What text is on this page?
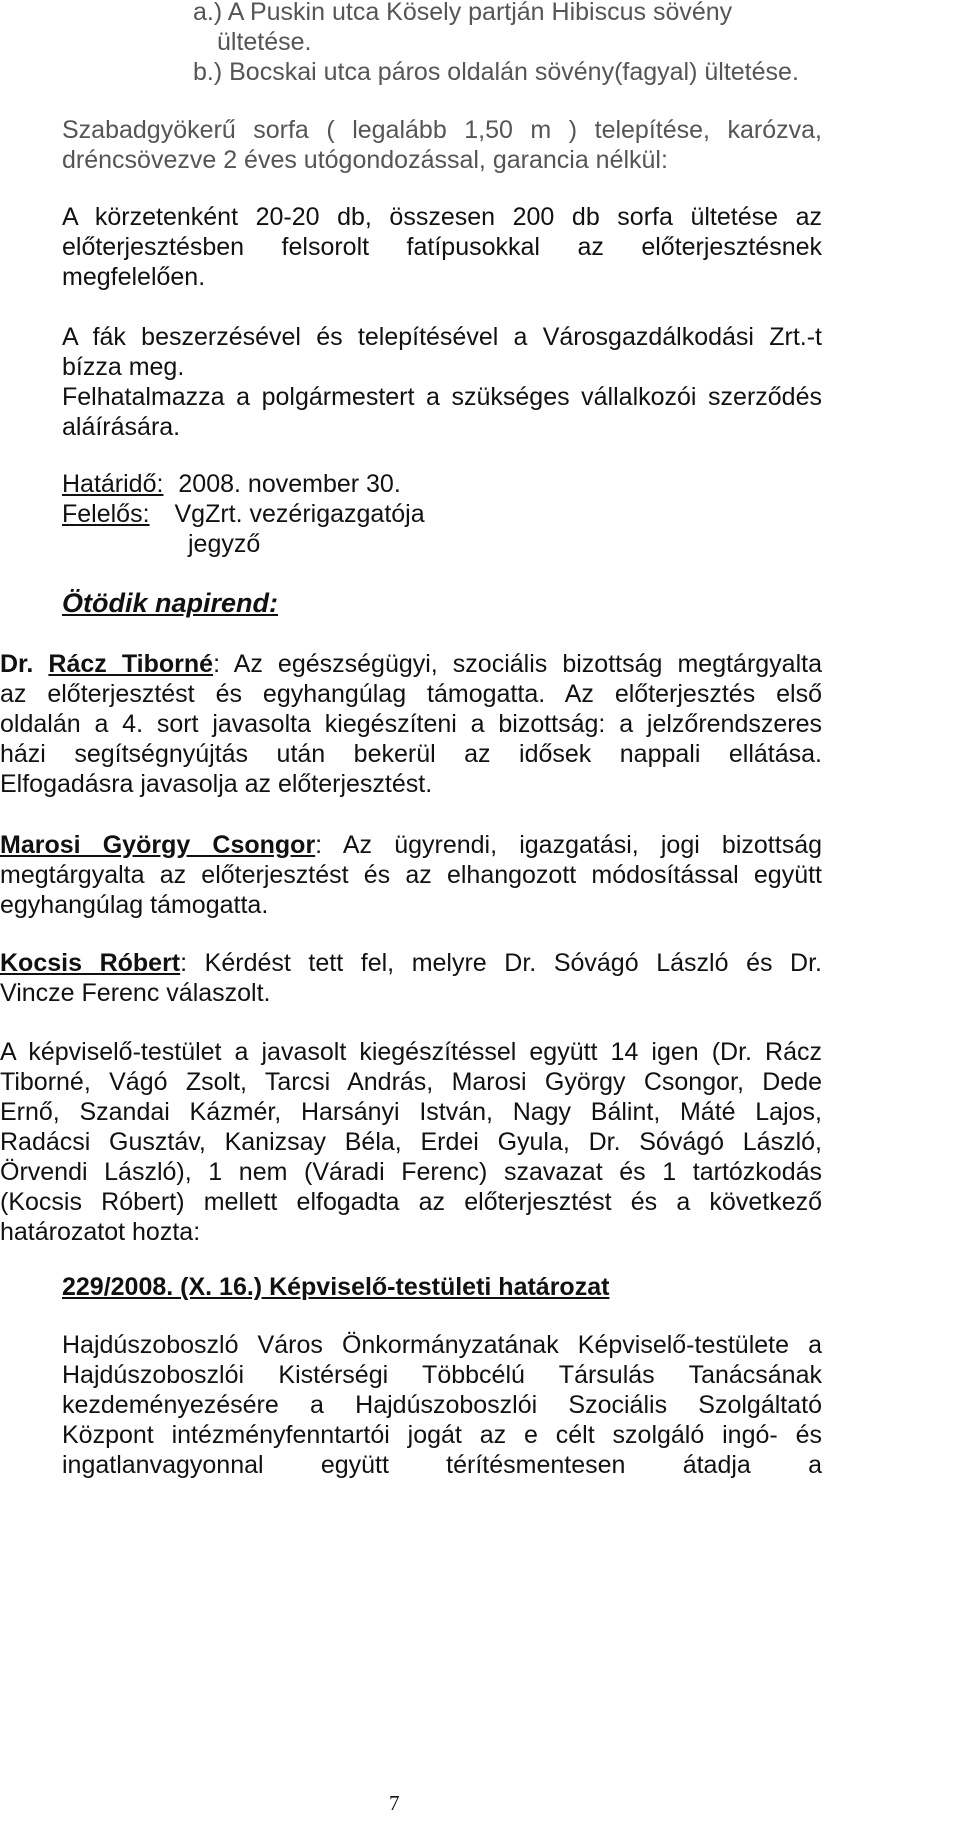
a.) A Puskin utca Kösely partján Hibiscus sövény
ültetése.
b.) Bocskai utca páros oldalán sövény(fagyal) ültetése.
Szabadgyökerű sorfa ( legalább 1,50 m ) telepítése, karózva,
dréncsövezve 2 éves utógondozással, garancia nélkül:
A körzetenként 20-20 db, összesen 200 db sorfa ültetése az
előterjesztésben felsorolt fatípusokkal az előterjesztésnek
megfelelően.
A fák beszerzésével és telepítésével a Városgazdálkodási Zrt.-t
bízza meg.
Felhatalmazza a polgármestert a szükséges vállalkozói szerződés
aláírására.
Határidő: 2008. november 30.
Felelős: VgZrt. vezérigazgatója
jegyző
Ötödik napirend:
Dr. Rácz Tiborné: Az egészségügyi, szociális bizottság megtárgyalta
az előterjesztést és egyhangúlag támogatta. Az előterjesztés első
oldalán a 4. sort javasolta kiegészíteni a bizottság: a jelzőrendszeres
házi segítségnyújtás után bekerül az idősek nappali ellátása.
Elfogadásra javasolja az előterjesztést.
Marosi György Csongor: Az ügyrendi, igazgatási, jogi bizottság
megtárgyalta az előterjesztést és az elhangozott módosítással együtt
egyhangúlag támogatta.
Kocsis Róbert: Kérdést tett fel, melyre Dr. Sóvágó László és Dr.
Vincze Ferenc válaszolt.
A képviselő-testület a javasolt kiegészítéssel együtt 14 igen (Dr. Rácz
Tiborné, Vágó Zsolt, Tarcsi András, Marosi György Csongor, Dede
Ernő, Szandai Kázmér, Harsányi István, Nagy Bálint, Máté Lajos,
Radácsi Gusztáv, Kanizsay Béla, Erdei Gyula, Dr. Sóvágó László,
Örvendi László), 1 nem (Váradi Ferenc) szavazat és 1 tartózkodás
(Kocsis Róbert) mellett elfogadta az előterjesztést és a következő
határozatot hozta:
229/2008. (X. 16.) Képviselő-testületi határozat
Hajdúszoboszló Város Önkormányzatának Képviselő-testülete a
Hajdúszoboszlói Kistérségi Többcélú Társulás Tanácsának
kezdeményezésére a Hajdúszoboszlói Szociális Szolgáltató
Központ intézményfenntartói jogát az e célt szolgáló ingó- és
ingatlanvagyonnal együtt térítésmentesen átadja a
7
